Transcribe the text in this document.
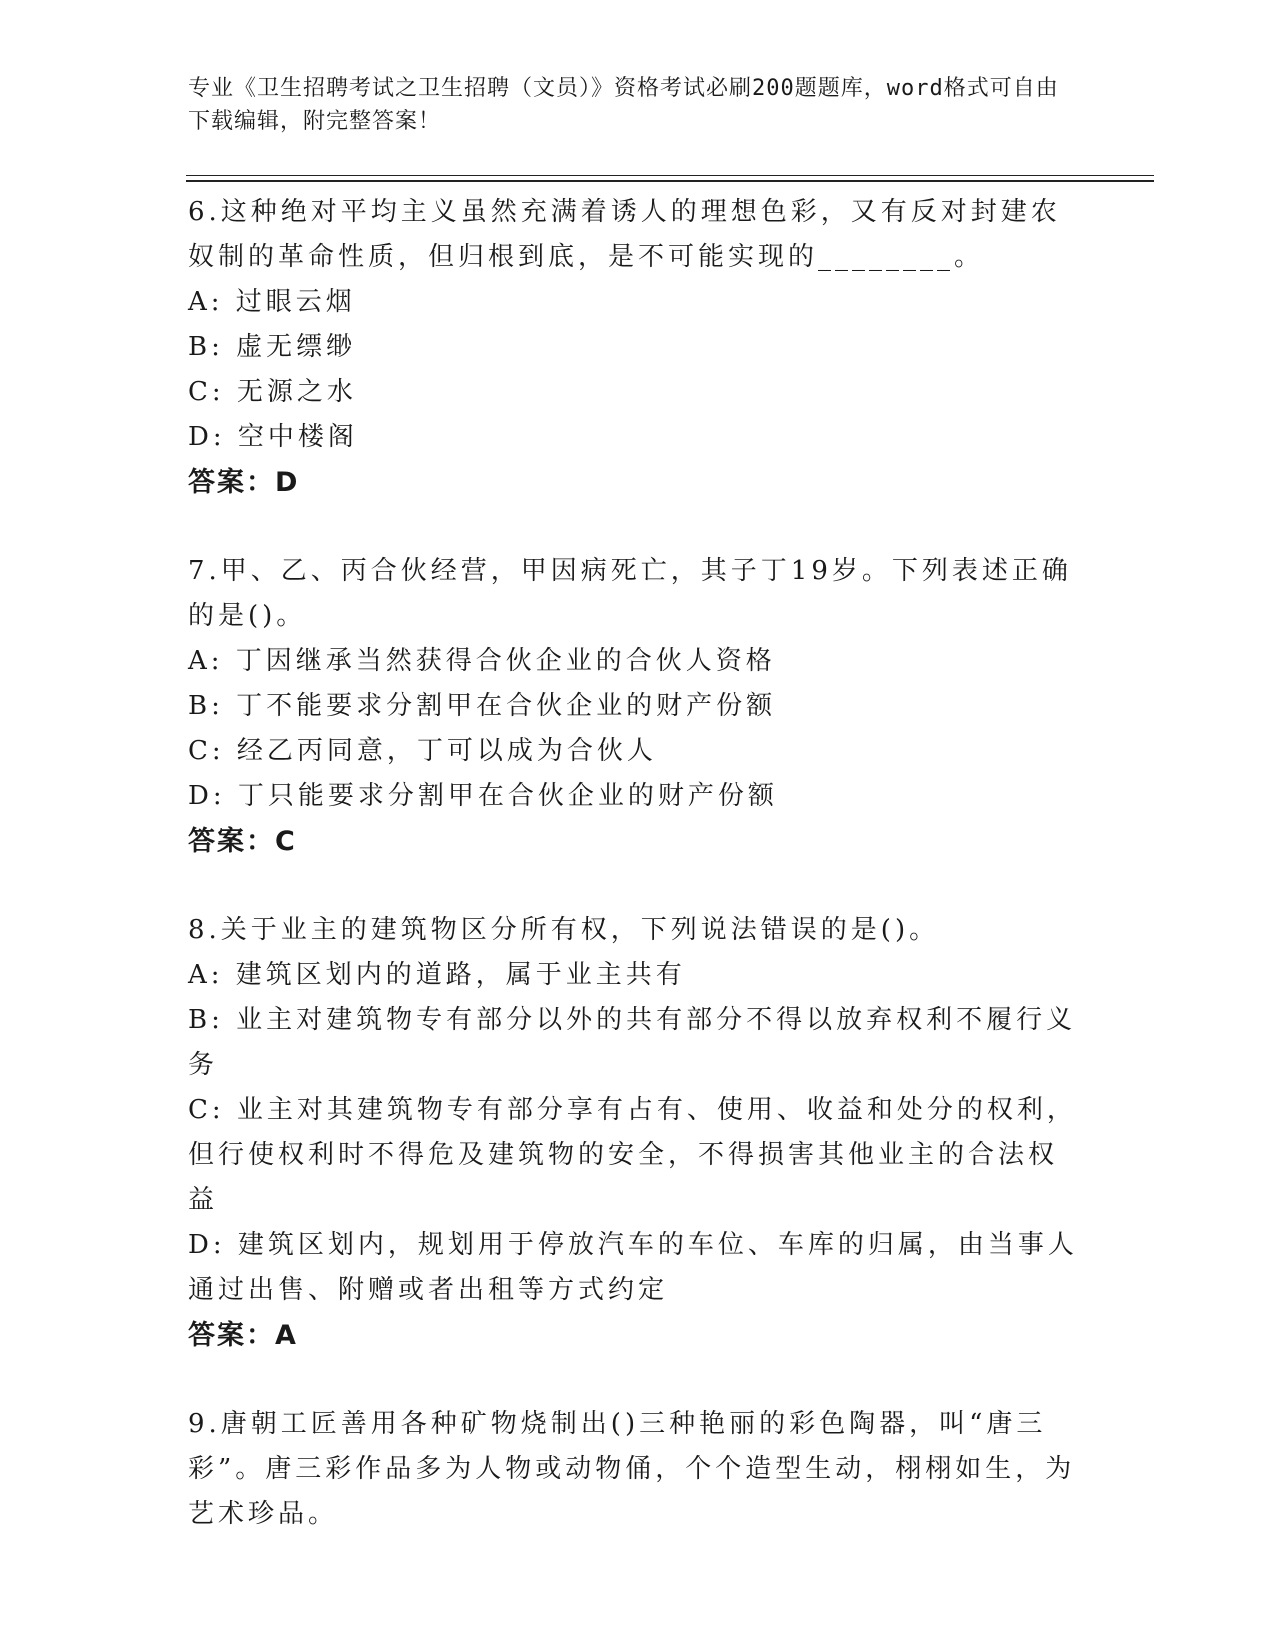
专业《卫生招聘考试之卫生招聘（文员）》资格考试必刷200题题库，word格式可自由下载编辑，附完整答案！
6.这种绝对平均主义虽然充满着诱人的理想色彩，又有反对封建农奴制的革命性质，但归根到底，是不可能实现的________。
A: 过眼云烟
B: 虚无缥缈
C: 无源之水
D: 空中楼阁
答案：D
7.甲、乙、丙合伙经营，甲因病死亡，其子丁19岁。下列表述正确的是()。
A: 丁因继承当然获得合伙企业的合伙人资格
B: 丁不能要求分割甲在合伙企业的财产份额
C: 经乙丙同意，丁可以成为合伙人
D: 丁只能要求分割甲在合伙企业的财产份额
答案：C
8.关于业主的建筑物区分所有权，下列说法错误的是()。
A: 建筑区划内的道路，属于业主共有
B: 业主对建筑物专有部分以外的共有部分不得以放弃权利不履行义务
C: 业主对其建筑物专有部分享有占有、使用、收益和处分的权利，但行使权利时不得危及建筑物的安全，不得损害其他业主的合法权益
D: 建筑区划内，规划用于停放汽车的车位、车库的归属，由当事人通过出售、附赠或者出租等方式约定
答案：A
9.唐朝工匠善用各种矿物烧制出()三种艳丽的彩色陶器，叫“唐三彩”。唐三彩作品多为人物或动物俑，个个造型生动，栩栩如生，为艺术珍品。
